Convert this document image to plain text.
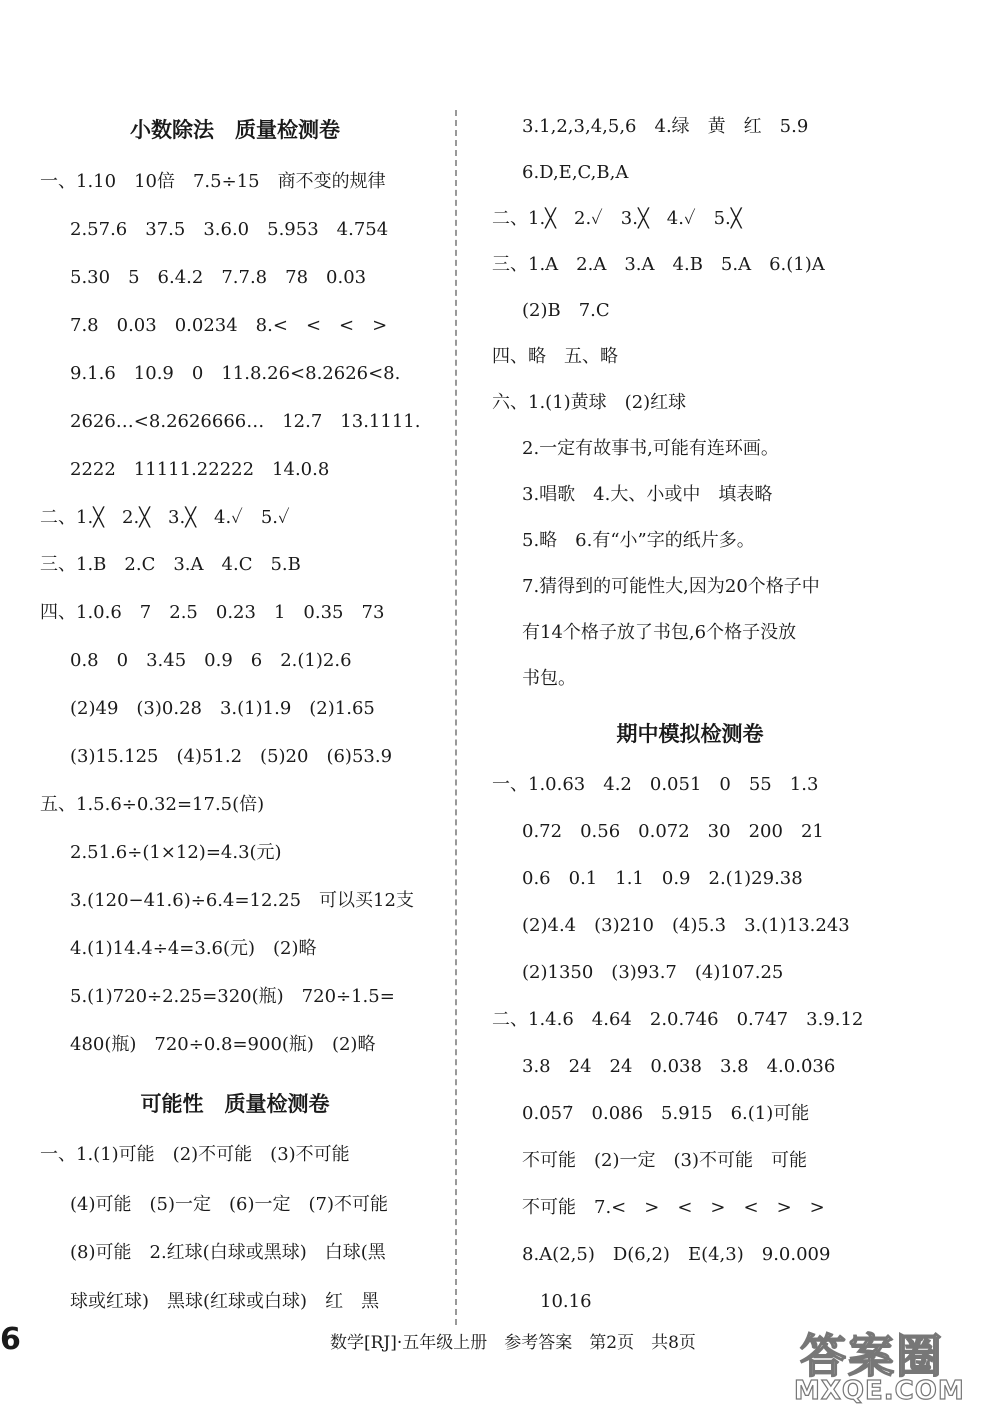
小数除法　质量检测卷
一、1.10　10倍　7.5÷15　商不变的规律
2.57.6　37.5　3.6.0　5.953　4.754
5.30　5　6.4.2　7.7.8　78　0.03
7.8　0.03　0.0234　8.<　<　<　>
9.1.6　10.9　0　11.8.26<8.2626<8.
2626…<8.2626666…　12.7　13.1111.
2222　11111.22222　14.0.8
二、1.╳　2.╳　3.╳　4.✓　5.✓
三、1.B　2.C　3.A　4.C　5.B
四、1.0.6　7　2.5　0.23　1　0.35　73
0.8　0　3.45　0.9　6　2.(1)2.6
(2)49　(3)0.28　3.(1)1.9　(2)1.65
(3)15.125　(4)51.2　(5)20　(6)53.9
五、1.5.6÷0.32=17.5(倍)
2.51.6÷(1×12)=4.3(元)
3.(120−41.6)÷6.4=12.25　可以买12支
4.(1)14.4÷4=3.6(元)　(2)略
5.(1)720÷2.25=320(瓶)　720÷1.5=
480(瓶)　720÷0.8=900(瓶)　(2)略
可能性　质量检测卷
一、1.(1)可能　(2)不可能　(3)不可能
(4)可能　(5)一定　(6)一定　(7)不可能
(8)可能　2.红球(白球或黑球)　白球(黑
球或红球)　黑球(红球或白球)　红　黑
3.1,2,3,4,5,6　4.绿　黄　红　5.9
6.D,E,C,B,A
二、1.╳　2.✓　3.╳　4.✓　5.╳
三、1.A　2.A　3.A　4.B　5.A　6.(1)A
(2)B　7.C
四、略　五、略
六、1.(1)黄球　(2)红球
2.一定有故事书,可能有连环画。
3.唱歌　4.大、小或中　填表略
5.略　6.有“小”字的纸片多。
7.猜得到的可能性大,因为20个格子中
有14个格子放了书包,6个格子没放
书包。
期中模拟检测卷
一、1.0.63　4.2　0.051　0　55　1.3
0.72　0.56　0.072　30　200　21
0.6　0.1　1.1　0.9　2.(1)29.38
(2)4.4　(3)210　(4)5.3̇　3.(1)13.243
(2)1350　(3)93.7　(4)107.25
二、1.4.6　4.64　2.0.7̇46̇　0.747　3.9.12
3.8　24　24　0.038　3.8　4.0.0̇36̇
0.0̇57̇　0.086　5.915　6.(1)可能
不可能　(2)一定　(3)不可能　可能
不可能　7.<　>　<　>　<　>　>
8.A(2,5)　D(6,2)　E(4,3)　9.0.009
10.16
6	数学[RJ]·五年级上册　参考答案　第2页　共8页 答案圈
MXQE.COM
